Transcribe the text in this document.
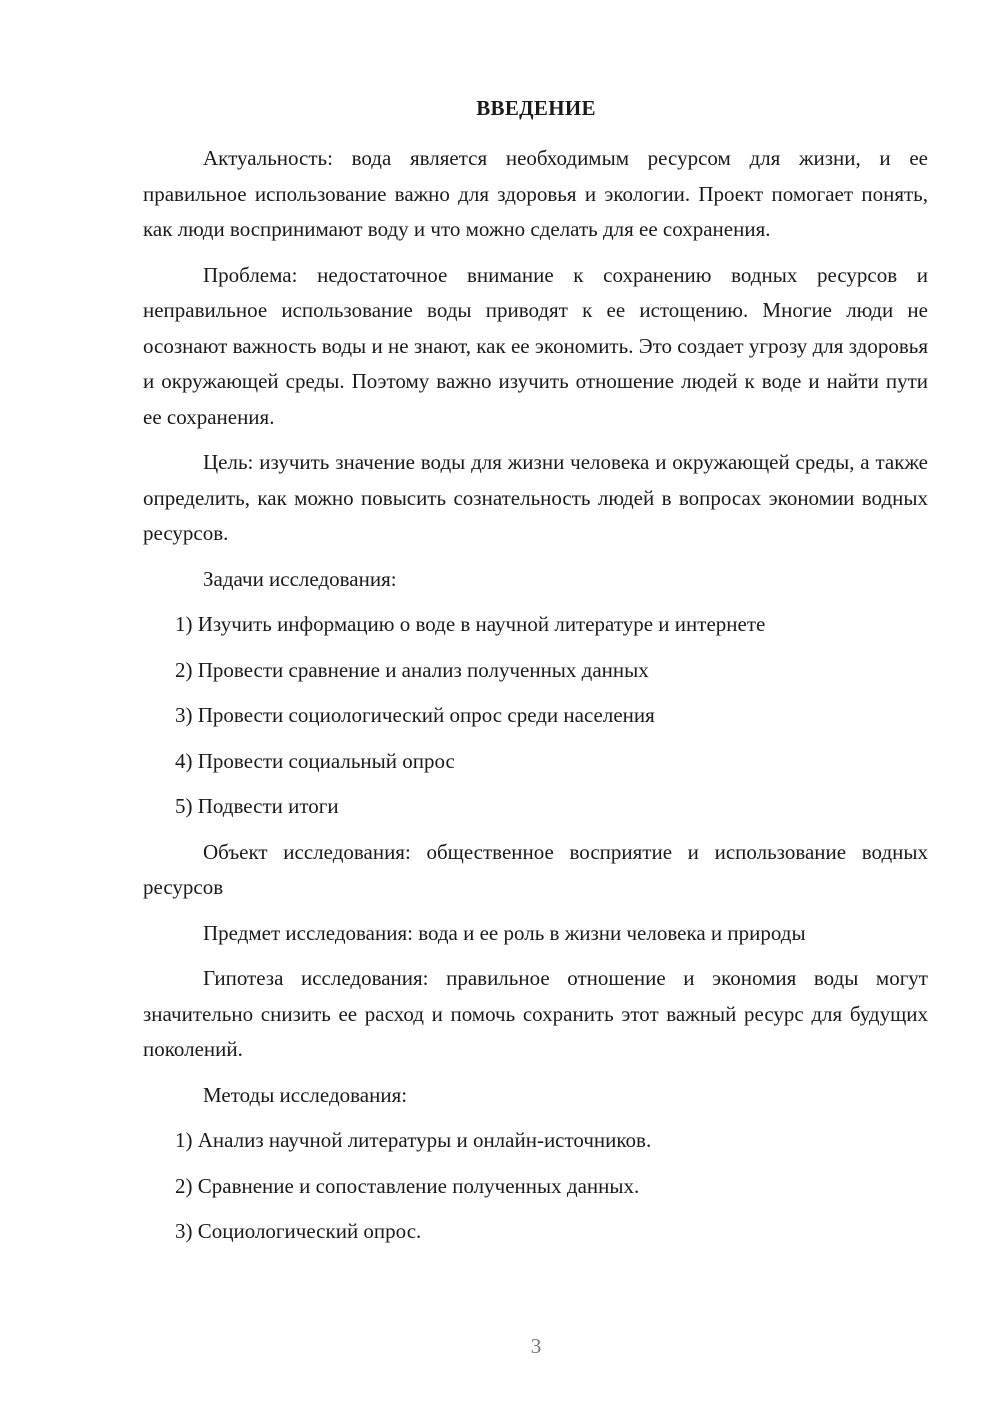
ВВЕДЕНИЕ

Актуальность: вода является необходимым ресурсом для жизни, и ее правильное использование важно для здоровья и экологии. Проект помогает понять, как люди воспринимают воду и что можно сделать для ее сохранения.

Проблема: недостаточное внимание к сохранению водных ресурсов и неправильное использование воды приводят к ее истощению. Многие люди не осознают важность воды и не знают, как ее экономить. Это создает угрозу для здоровья и окружающей среды. Поэтому важно изучить отношение людей к воде и найти пути ее сохранения.

Цель: изучить значение воды для жизни человека и окружающей среды, а также определить, как можно повысить сознательность людей в вопросах экономии водных ресурсов.

Задачи исследования:

1) Изучить информацию о воде в научной литературе и интернете

2) Провести сравнение и анализ полученных данных

3) Провести социологический опрос среди населения

4) Провести социальный опрос

5) Подвести итоги

Объект исследования: общественное восприятие и использование водных ресурсов

Предмет исследования: вода и ее роль в жизни человека и природы

Гипотеза исследования: правильное отношение и экономия воды могут значительно снизить ее расход и помочь сохранить этот важный ресурс для будущих поколений.

Методы исследования:

1) Анализ научной литературы и онлайн-источников.

2) Сравнение и сопоставление полученных данных.

3) Социологический опрос.

3
